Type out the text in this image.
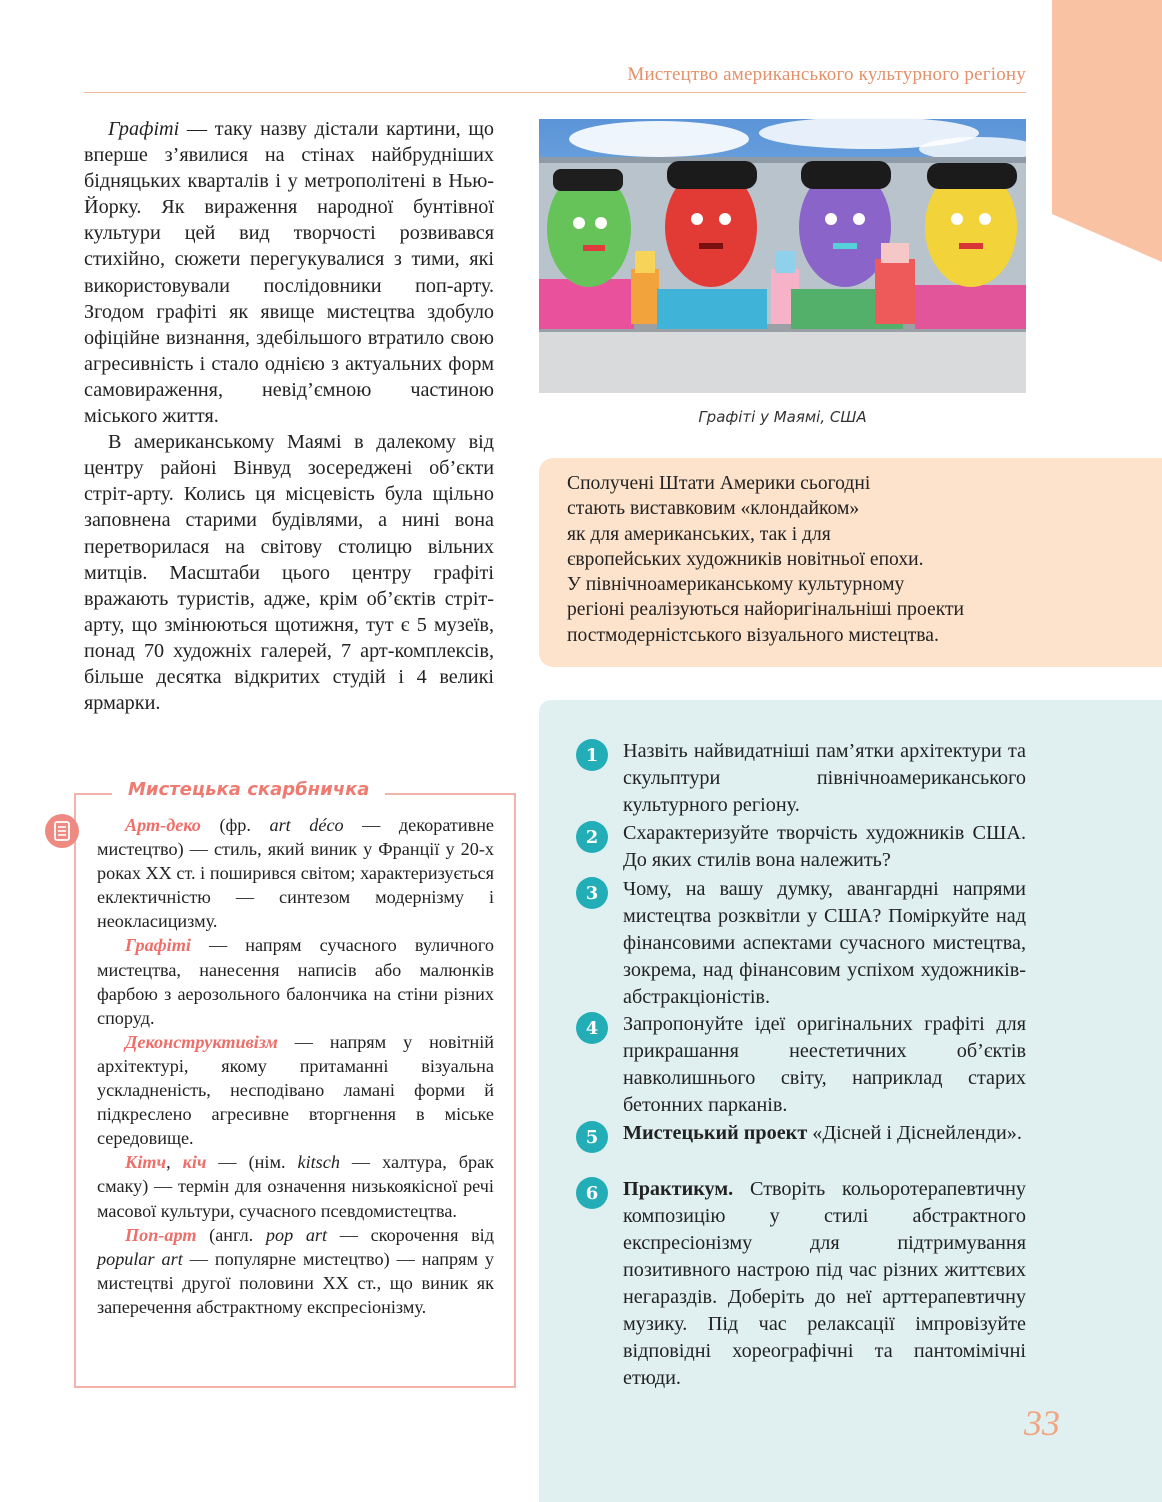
Мистецтво американського культурного регіону

Графіті — таку назву дістали картини, що вперше з’явилися на стінах найбрудніших бідняцьких кварталів і у метрополітені в Нью-Йорку. Як вираження народної бунтівної культури цей вид творчості розвивався стихійно, сюжети перегукувалися з тими, які використовували послідовники поп-арту. Згодом графіті як явище мистецтва здобуло офіційне визнання, здебільшого втратило свою агресивність і стало однією з актуальних форм самовираження, невід’ємною частиною міського життя.

В американському Маямі в далекому від центру районі Вінвуд зосереджені об’єкти стріт-арту. Колись ця місцевість була щільно заповнена старими будівлями, а нині вона перетворилася на світову столицю вільних митців. Масштаби цього центру графіті вражають туристів, адже, крім об’єктів стріт-арту, що змінюються щотижня, тут є 5 музеїв, понад 70 художніх галерей, 7 арт-комплексів, більше десятка відкритих студій і 4 великі ярмарки.

Графіті у Маямі, США
Сполучені Штати Америки сьогодні
стають виставковим «клондайком»
як для американських, так і для
європейських художників новітньої епохи.
У північноамериканському культурному
регіоні реалізуються найоригінальніші проекти
постмодерністського візуального мистецтва.
Мистецька скарбничка

Арт-деко (фр. art déco — декоративне мистецтво) — стиль, який виник у Франції у 20-х роках XX ст. і поширився світом; характеризується еклектичністю — синтезом модернізму і неокласицизму.

Графіті — напрям сучасного вуличного мистецтва, нанесення написів або малюнків фарбою з аерозольного балончика на стіни різних споруд.

Деконструктивізм — напрям у новітній архітектурі, якому притаманні візуальна ускладненість, несподівано ламані форми й підкреслено агресивне вторгнення в міське середовище.

Кітч, кіч — (нім. kitsch — халтура, брак смаку) — термін для означення низькоякісної речі масової культури, сучасного псевдомистецтва.

Поп-арт (англ. pop art — скорочення від popular art — популярне мистецтво) — напрям у мистецтві другої половини XX ст., що виник як заперечення абстрактному експресіонізму.

1	Назвіть найвидатніші пам’ятки архітектури та скульптури північноамериканського культурного регіону.
2	Схарактеризуйте творчість художників США. До яких стилів вона належить?
3	Чому, на вашу думку, авангардні напрями мистецтва розквітли у США? Поміркуйте над фінансовими аспектами сучасного мистецтва, зокрема, над фінансовим успіхом художників-абстракціоністів.
4	Запропонуйте ідеї оригінальних графіті для прикрашання неестетичних об’єктів навколишнього світу, наприклад старих бетонних парканів.
5	Мистецький проект «Дісней і Діснейленди».
6	Практикум. Створіть кольоротерапевтичну композицію у стилі абстрактного експресіонізму для підтримування позитивного настрою під час різних життєвих негараздів. Доберіть до неї арттерапевтичну музику. Під час релаксації імпровізуйте відповідні хореографічні та пантомімічні етюди.
33
